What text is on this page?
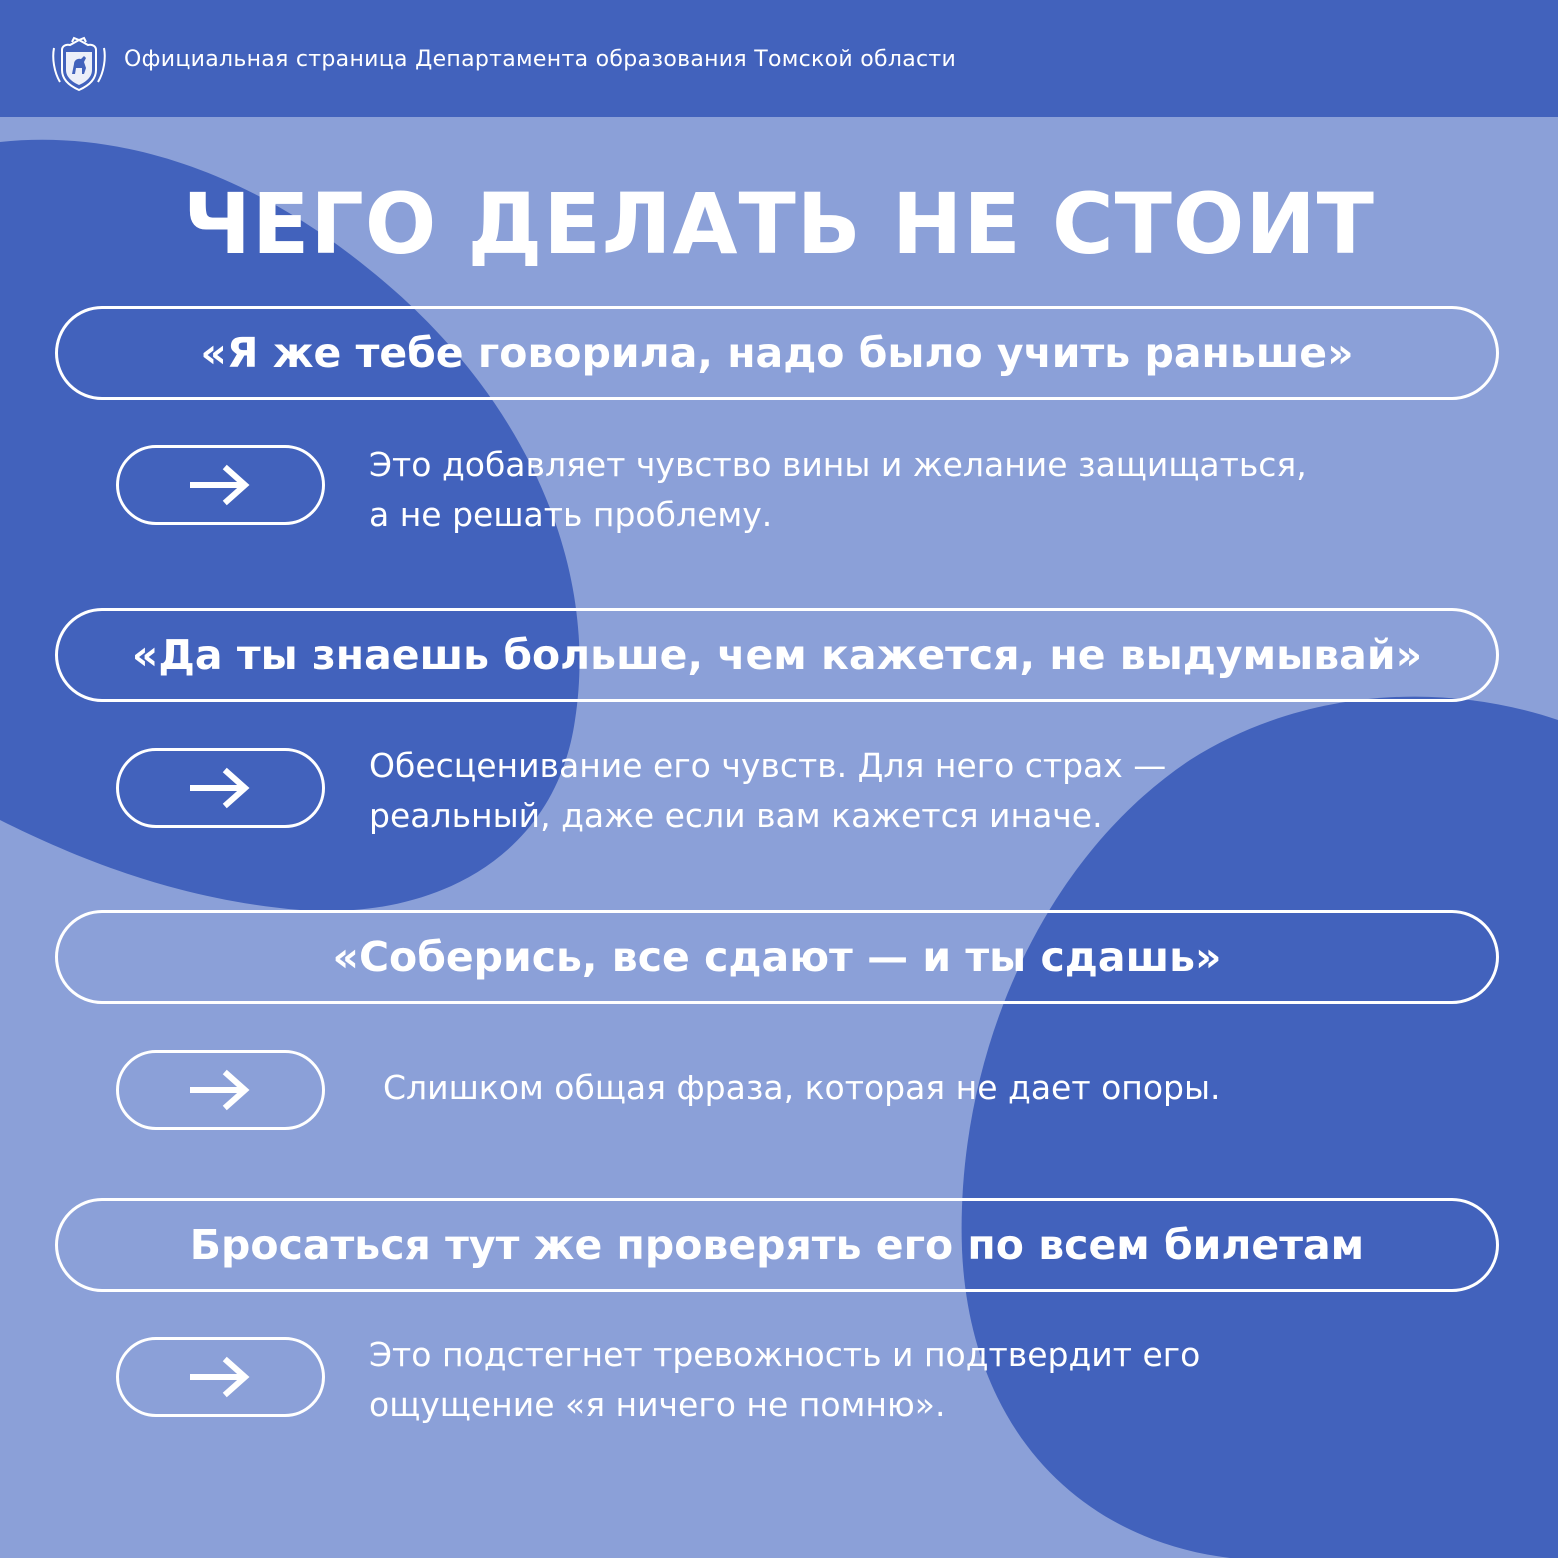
Официальная страница Департамента образования Томской области
ЧЕГО ДЕЛАТЬ НЕ СТОИТ
«Я же тебе говорила, надо было учить раньше»
Это добавляет чувство вины и желание защищаться,
а не решать проблему.
«Да ты знаешь больше, чем кажется, не выдумывай»
Обесценивание его чувств. Для него страх —
реальный, даже если вам кажется иначе.
«Соберись, все сдают — и ты сдашь»
Слишком общая фраза, которая не дает опоры.
Бросаться тут же проверять его по всем билетам
Это подстегнет тревожность и подтвердит его
ощущение «я ничего не помню».
